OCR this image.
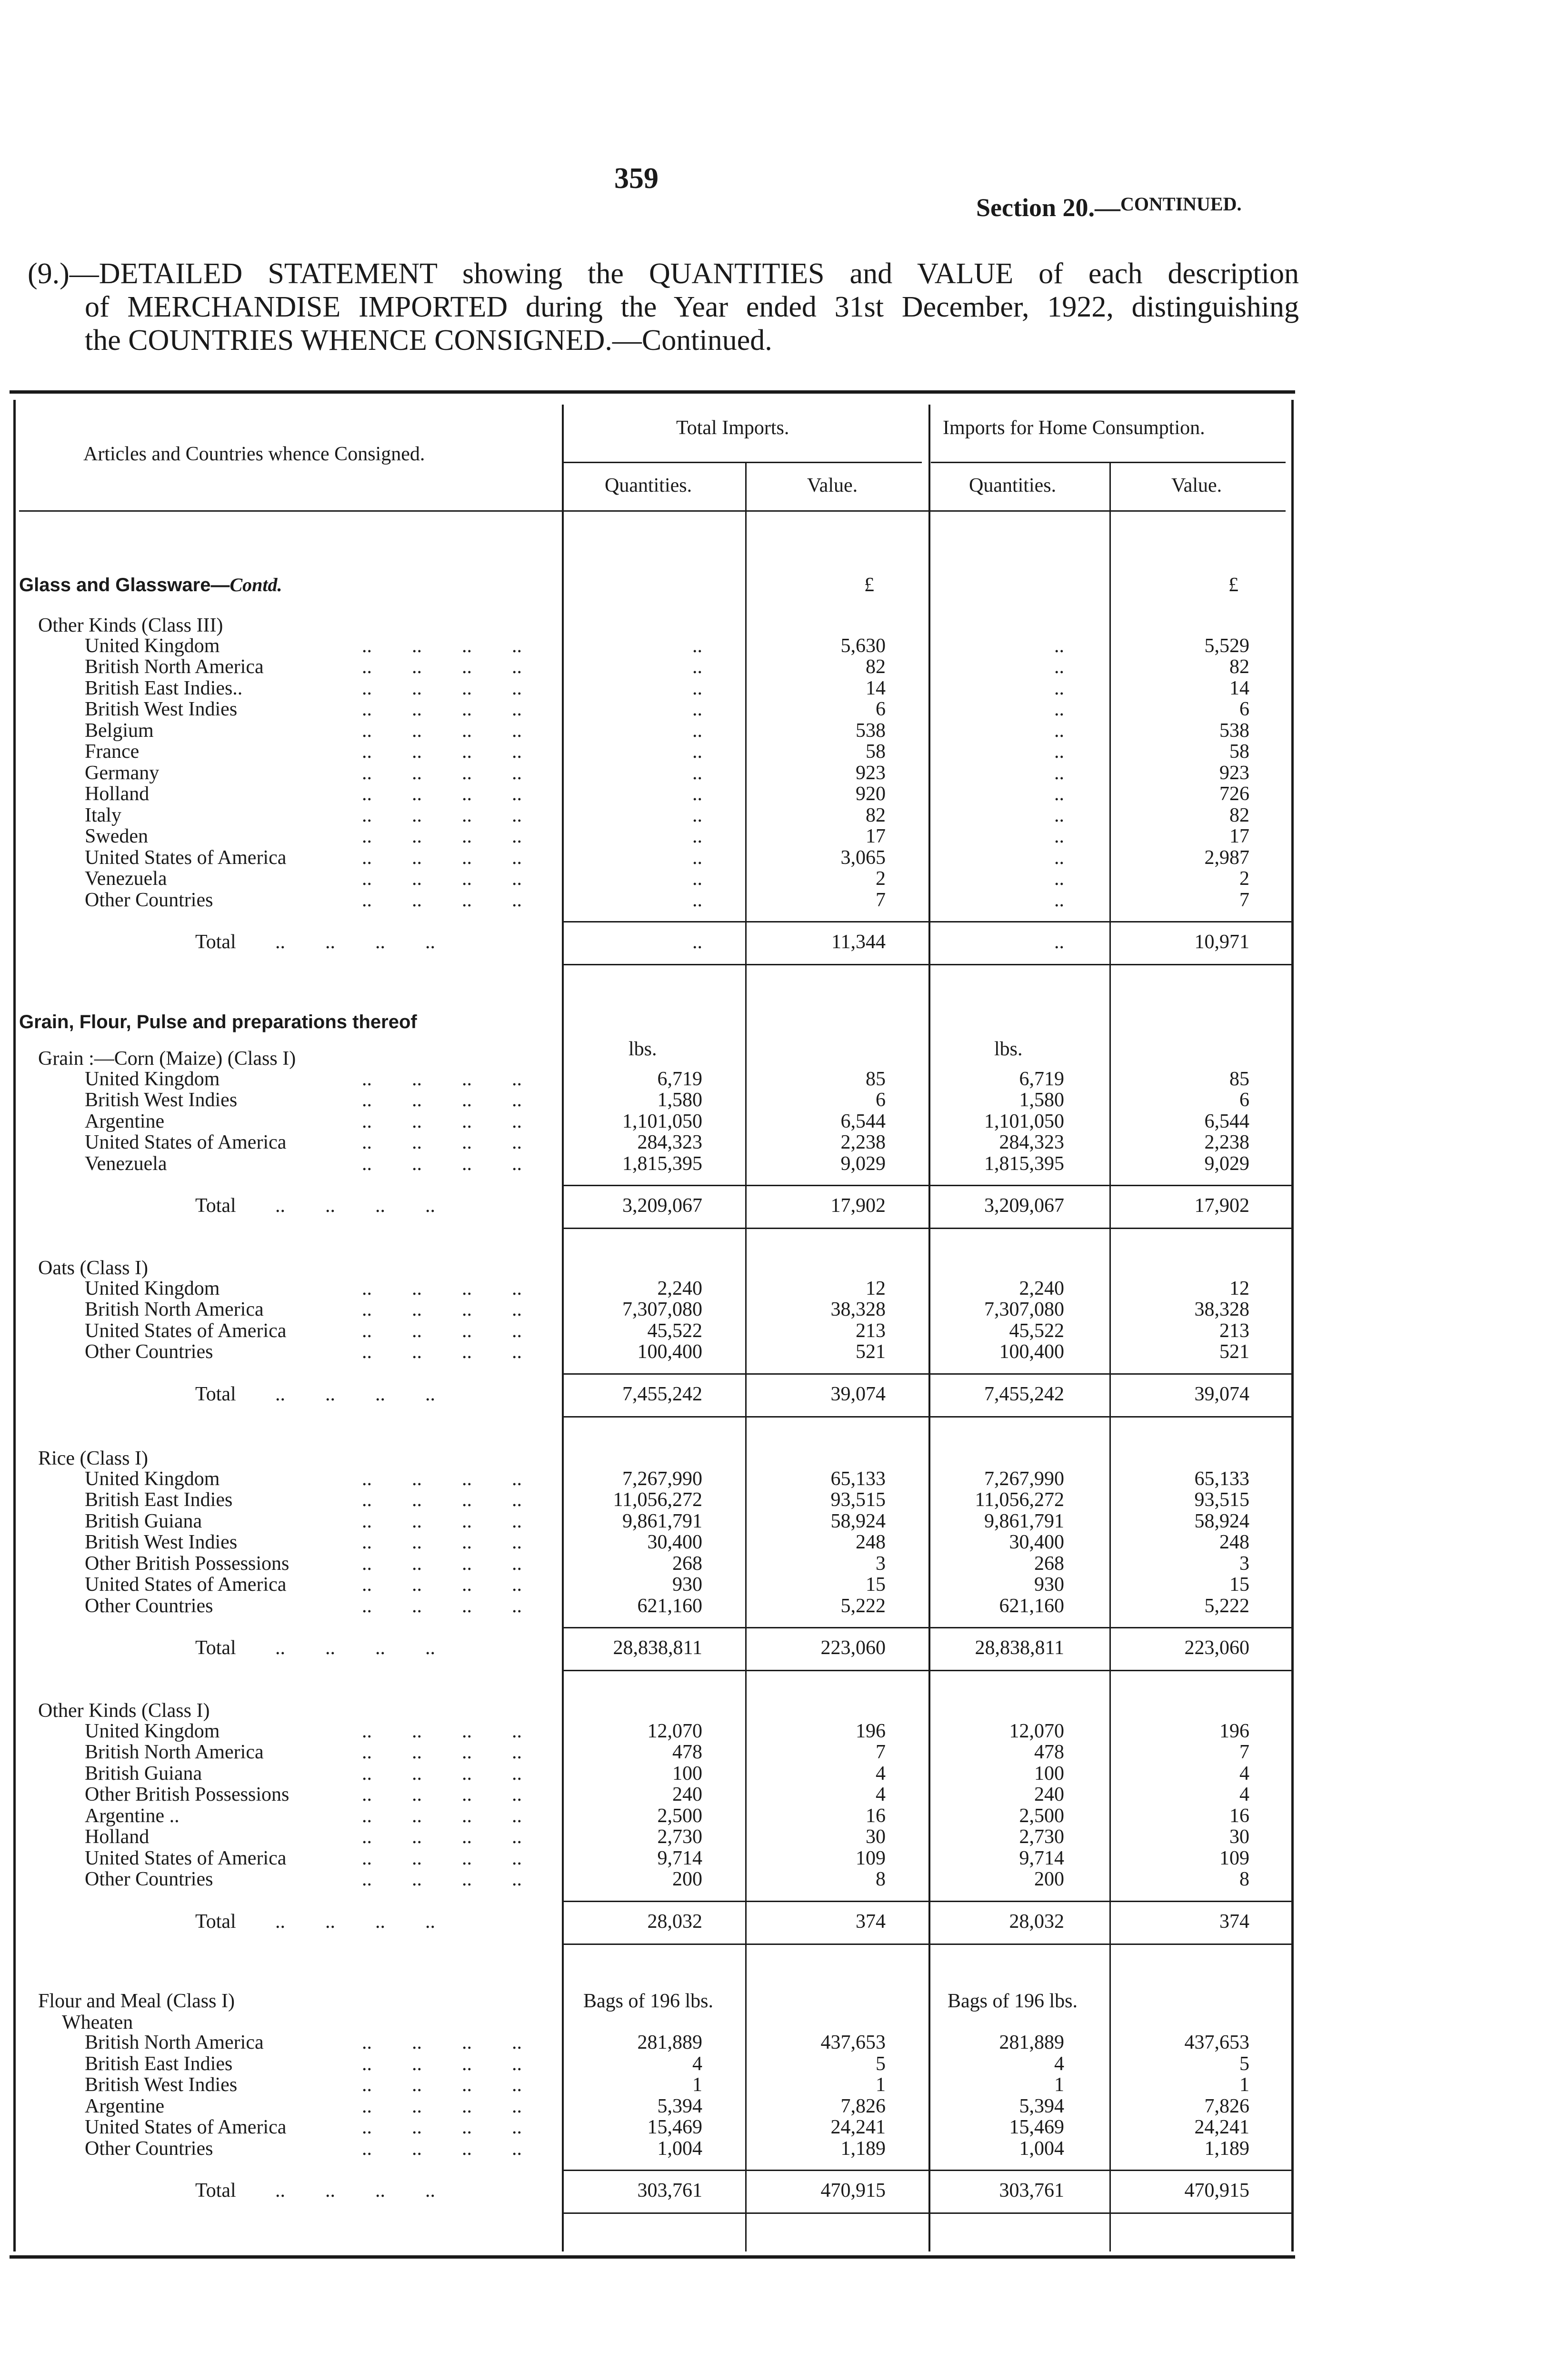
359
Section 20.— CONTINUED.

(9.)—DETAILED STATEMENT showing the QUANTITIES and VALUE of each description

of MERCHANDISE IMPORTED during the Year ended 31st December, 1922, distinguishing

the COUNTRIES WHENCE CONSIGNED.—Continued.

Articles and Countries whence Consigned.
Total Imports.	Imports for Home Consumption.
Quantities.	Value.	Quantities.	Value.
Glass and Glassware—Contd.	£	£
Other Kinds (Class III)
United Kingdom	..        ..        ..        ..	..	5,630	..	5,529
British North America	..        ..        ..        ..	..	82	..	82
British East Indies..	..        ..        ..        ..	..	14	..	14
British West Indies	..        ..        ..        ..	..	6	..	6
Belgium	..        ..        ..        ..	..	538	..	538
France	..        ..        ..        ..	..	58	..	58
Germany	..        ..        ..        ..	..	923	..	923
Holland	..        ..        ..        ..	..	920	..	726
Italy	..        ..        ..        ..	..	82	..	82
Sweden	..        ..        ..        ..	..	17	..	17
United States of America	..        ..        ..        ..	..	3,065	..	2,987
Venezuela	..        ..        ..        ..	..	2	..	2
Other Countries	..        ..        ..        ..	..	7	..	7
Total ..        ..        ..        ..	..	11,344	..	10,971
Grain, Flour, Pulse and preparations thereof
lbs.	lbs.
Grain :—Corn (Maize) (Class I)
United Kingdom	..        ..        ..        ..	6,719	85	6,719	85
British West Indies	..        ..        ..        ..	1,580	6	1,580	6
Argentine	..        ..        ..        ..	1,101,050	6,544	1,101,050	6,544
United States of America	..        ..        ..        ..	284,323	2,238	284,323	2,238
Venezuela	..        ..        ..        ..	1,815,395	9,029	1,815,395	9,029
Total ..        ..        ..        ..	3,209,067	17,902	3,209,067	17,902
Oats (Class I)
United Kingdom	..        ..        ..        ..	2,240	12	2,240	12
British North America	..        ..        ..        ..	7,307,080	38,328	7,307,080	38,328
United States of America	..        ..        ..        ..	45,522	213	45,522	213
Other Countries	..        ..        ..        ..	100,400	521	100,400	521
Total ..        ..        ..        ..	7,455,242	39,074	7,455,242	39,074
Rice (Class I)
United Kingdom	..        ..        ..        ..	7,267,990	65,133	7,267,990	65,133
British East Indies	..        ..        ..        ..	11,056,272	93,515	11,056,272	93,515
British Guiana	..        ..        ..        ..	9,861,791	58,924	9,861,791	58,924
British West Indies	..        ..        ..        ..	30,400	248	30,400	248
Other British Possessions	..        ..        ..        ..	268	3	268	3
United States of America	..        ..        ..        ..	930	15	930	15
Other Countries	..        ..        ..        ..	621,160	5,222	621,160	5,222
Total ..        ..        ..        ..	28,838,811	223,060	28,838,811	223,060
Other Kinds (Class I)
United Kingdom	..        ..        ..        ..	12,070	196	12,070	196
British North America	..        ..        ..        ..	478	7	478	7
British Guiana	..        ..        ..        ..	100	4	100	4
Other British Possessions	..        ..        ..        ..	240	4	240	4
Argentine ..	..        ..        ..        ..	2,500	16	2,500	16
Holland	..        ..        ..        ..	2,730	30	2,730	30
United States of America	..        ..        ..        ..	9,714	109	9,714	109
Other Countries	..        ..        ..        ..	200	8	200	8
Total ..        ..        ..        ..	28,032	374	28,032	374
Flour and Meal (Class I)	Bags of 196 lbs.	Bags of 196 lbs.
Wheaten
British North America	..        ..        ..        ..	281,889	437,653	281,889	437,653
British East Indies	..        ..        ..        ..	4	5	4	5
British West Indies	..        ..        ..        ..	1	1	1	1
Argentine	..        ..        ..        ..	5,394	7,826	5,394	7,826
United States of America	..        ..        ..        ..	15,469	24,241	15,469	24,241
Other Countries	..        ..        ..        ..	1,004	1,189	1,004	1,189
Total ..        ..        ..        ..	303,761	470,915	303,761	470,915
